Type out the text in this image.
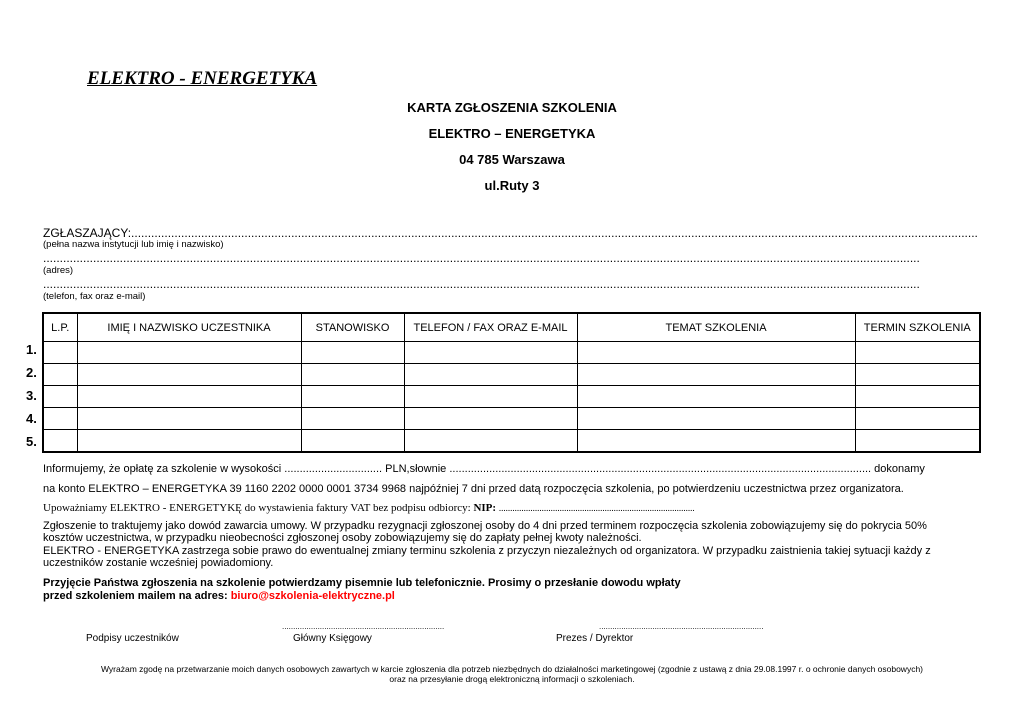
ELEKTRO - ENERGETYKA
KARTA ZGŁOSZENIA SZKOLENIA
ELEKTRO – ENERGETYKA
04 785 Warszawa
ul.Ruty 3
ZGŁASZAJĄCY:..............................................................................................................................................................................................................................................................
(pełna nazwa instytucji lub imię i nazwisko)
.......................................................................................................................................................................................................................................................................
(adres)
.......................................................................................................................................................................................................................................................................
(telefon, fax oraz e-mail)
L.P.	IMIĘ I NAZWISKO UCZESTNIKA	STANOWISKO	TELEFON / FAX ORAZ E-MAIL	TEMAT SZKOLENIA	TERMIN SZKOLENIA

1.
2.
3.
4.
5.
Informujemy, że opłatę za szkolenie w wysokości ................................ PLN,słownie .......................................................................................................................................... dokonamy
na konto ELEKTRO – ENERGETYKA 39 1160 2202 0000 0001 3734 9968 najpóźniej 7 dni przed datą rozpoczęcia szkolenia, po potwierdzeniu uczestnictwa przez organizatora.
Upoważniamy ELEKTRO - ENERGETYKĘ do wystawienia faktury VAT bez podpisu odbiorcy: NIP: .......................................................................................
Zgłoszenie to traktujemy jako dowód zawarcia umowy. W przypadku rezygnacji zgłoszonej osoby do 4 dni przed terminem rozpoczęcia szkolenia zobowiązujemy się do pokrycia 50%
kosztów uczestnictwa, w przypadku nieobecności zgłoszonej osoby zobowiązujemy się do zapłaty pełnej kwoty należności.
ELEKTRO - ENERGETYKA zastrzega sobie prawo do ewentualnej zmiany terminu szkolenia z przyczyn niezależnych od organizatora. W przypadku zaistnienia takiej sytuacji każdy z
uczestników zostanie wcześniej powiadomiony.
Przyjęcie Państwa zgłoszenia na szkolenie potwierdzamy pisemnie lub telefonicznie. Prosimy o przesłanie dowodu wpłaty
przed szkoleniem mailem na adres: biuro@szkolenia-elektryczne.pl
.........................................................................	..........................................................................
Podpisy uczestników	Główny Księgowy	Prezes / Dyrektor
Wyrażam zgodę na przetwarzanie moich danych osobowych zawartych w karcie zgłoszenia dla potrzeb niezbędnych do działalności marketingowej (zgodnie z ustawą z dnia 29.08.1997 r. o ochronie danych osobowych)
oraz na przesyłanie drogą elektroniczną informacji o szkoleniach.
